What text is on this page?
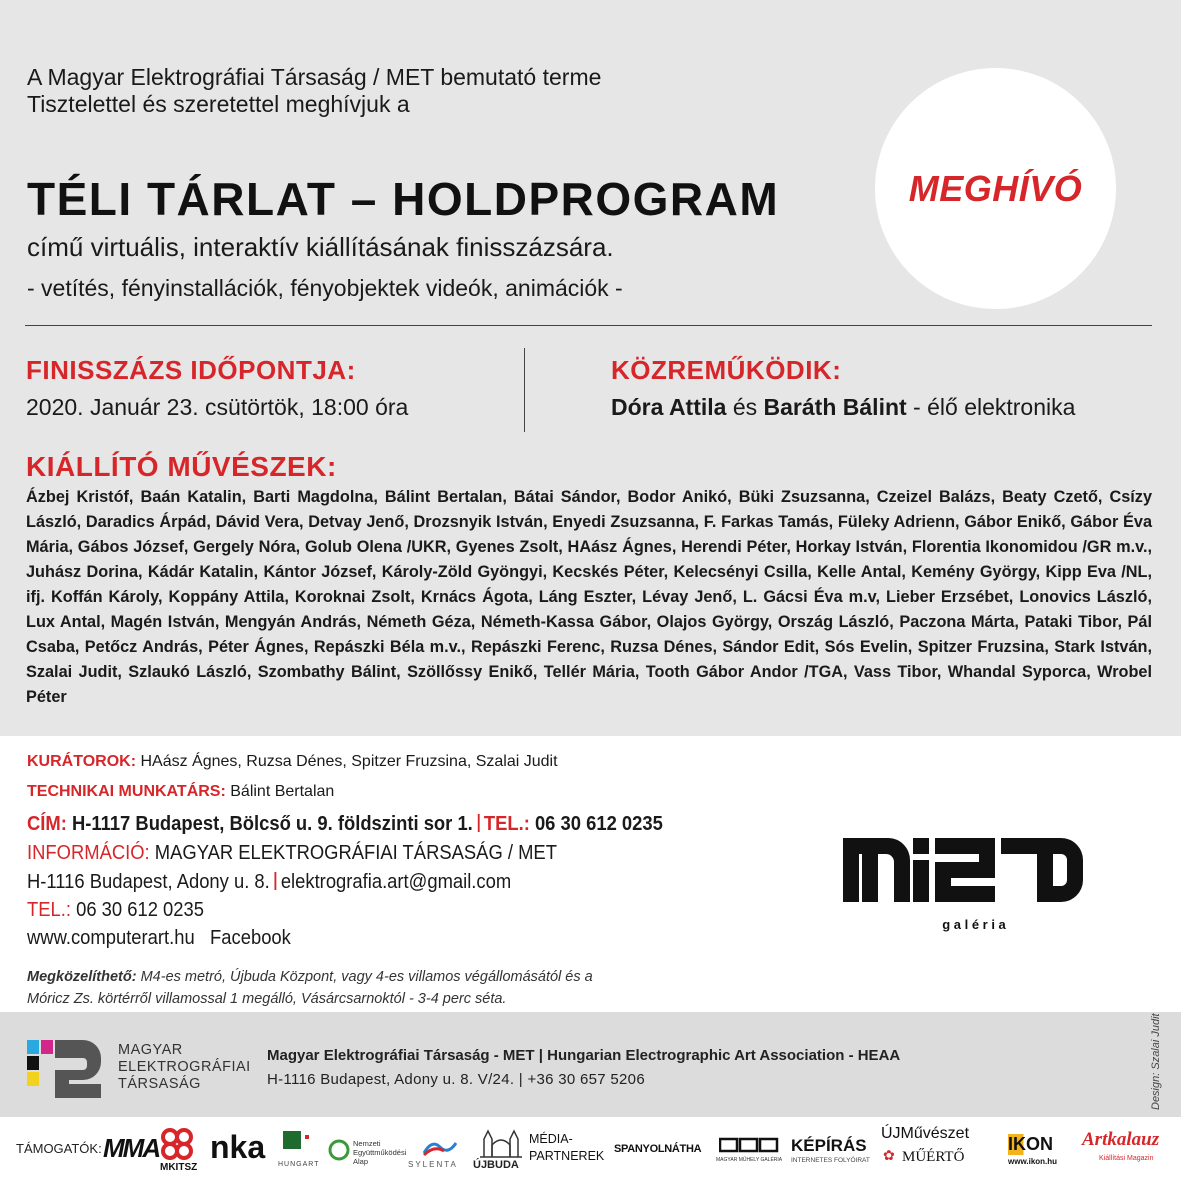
A Magyar Elektrográfiai Társaság / MET bemutató terme
Tisztelettel és szeretettel meghívjuk a
TÉLI TÁRLAT – HOLDPROGRAM
című virtuális, interaktív kiállításának finisszázsára.
- vetítés, fényinstallációk, fényobjektek videók, animációk -
MEGHÍVÓ
FINISSZÁZS IDŐPONTJA:
2020. Január 23. csütörtök, 18:00 óra
KÖZREMŰKÖDIK:
Dóra Attila és Baráth Bálint - élő elektronika
KIÁLLÍTÓ MŰVÉSZEK:
Ázbej Kristóf, Baán Katalin, Barti Magdolna, Bálint Bertalan, Bátai Sándor, Bodor Anikó, Büki Zsuzsanna, Czeizel Balázs, Beaty Czető, Csízy László, Daradics Árpád, Dávid Vera, Detvay Jenő, Drozsnyik István, Enyedi Zsuzsanna, F. Farkas Tamás, Füleky Adrienn, Gábor Enikő, Gábor Éva Mária, Gábos József, Gergely Nóra, Golub Olena /UKR, Gyenes Zsolt, HAász Ágnes, Herendi Péter, Horkay István, Florentia Ikonomidou /GR m.v., Juhász Dorina, Kádár Katalin, Kántor József, Károly-Zöld Gyöngyi, Kecskés Péter, Kelecsényi Csilla, Kelle Antal, Kemény György, Kipp Eva /NL, ifj. Koffán Károly, Koppány Attila, Koroknai Zsolt, Krnács Ágota, Láng Eszter, Lévay Jenő, L. Gácsi Éva m.v, Lieber Erzsébet, Lonovics László, Lux Antal, Magén István, Mengyán András, Németh Géza, Németh-Kassa Gábor, Olajos György, Ország László, Paczona Márta, Pataki Tibor, Pál Csaba, Petőcz András, Péter Ágnes, Repászki Béla m.v., Repászki Ferenc, Ruzsa Dénes, Sándor Edit, Sós Evelin, Spitzer Fruzsina, Stark István, Szalai Judit, Szlaukó László, Szombathy Bálint, Szöllőssy Enikő, Tellér Mária, Tooth Gábor Andor /TGA, Vass Tibor, Whandal Syporca, Wrobel Péter
KURÁTOROK: HAász Ágnes, Ruzsa Dénes, Spitzer Fruzsina, Szalai Judit
TECHNIKAI MUNKATÁRS: Bálint Bertalan
CÍM: H-1117 Budapest, Bölcső u. 9. földszinti sor 1. TEL.: 06 30 612 0235
INFORMÁCIÓ: MAGYAR ELEKTROGRÁFIAI TÁRSASÁG / MET
H-1116 Budapest, Adony u. 8. elektrografia.art@gmail.com
TEL.: 06 30 612 0235
www.computerart.hu Facebook
Megközelíthető: M4-es metró, Újbuda Központ, vagy 4-es villamos végállomásától és a
Móricz Zs. körtérről villamossal 1 megálló, Vásárcsarnoktól - 3-4 perc séta.
g a l é r i a
MAGYAR
ELEKTROGRÁFIAI
TÁRSASÁG
Magyar Elektrográfiai Társaság - MET | Hungarian Electrographic Art Association - HEAA
H-1116 Budapest, Adony u. 8. V/24. | +36 30 657 5206	Design: Szalai Judit
TÁMOGATÓK: MMA
MKITSZ
nka HUNGART
Nemzeti Együttműködési Alap	SYLENTA ÚJBUDA
MÉDIA-
PARTNEREK SPANYOLNÁTHA
MAGYAR MŰHELY GALÉRIA
KÉPÍRÁS
INTERNETES FOLYÓIRAT
ÚJMűvészet
✿ MŰÉRTŐ
IKON
www.ikon.hu
Artkalauz
Kiállítási Magazin
